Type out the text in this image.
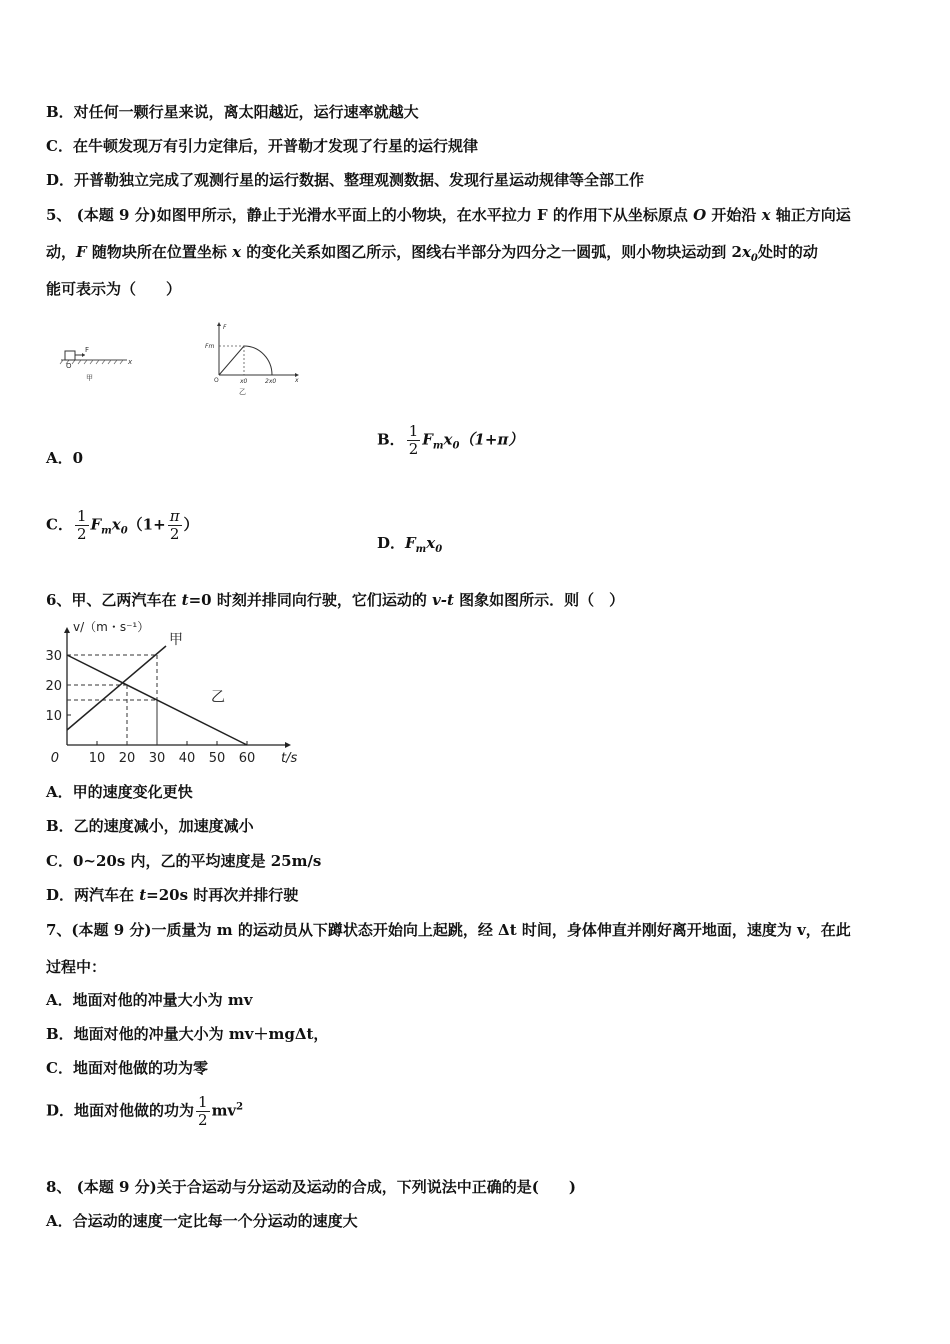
B．对任何一颗行星来说，离太阳越近，运行速率就越大
C．在牛顿发现万有引力定律后，开普勒才发现了行星的运行规律
D．开普勒独立完成了观测行星的运行数据、整理观测数据、发现行星运动规律等全部工作
5、 (本题 9 分)如图甲所示，静止于光滑水平面上的小物块，在水平拉力 F 的作用下从坐标原点 O 开始沿 x 轴正方向运
动，F 随物块所在位置坐标 x 的变化关系如图乙所示，图线右半部分为四分之一圆弧，则小物块运动到 $2x_0$处时的动
能可表示为（　　）
F
O	x
甲
F
Fm
O	x0	2x0	x
乙
A．0
B． $\frac{1}{2} F_mx_0(1+\pi)$
C． $\frac{1}{2} F_mx_0(1+ \frac{\pi}{2}$ ）
D．$F_mx_0$
6、甲、乙两汽车在 t=0 时刻并排同向行驶，它们运动的 v-t 图象如图所示．则（　）
10 20 30 40 50 60
10
20
30
0	t/s
v/（m・s⁻¹）
甲
乙
A．甲的速度变化更快
B．乙的速度减小，加速度减小
C．0~20s 内，乙的平均速度是 25m/s
D．两汽车在 t=20s 时再次并排行驶
7、(本题 9 分)一质量为 m 的运动员从下蹲状态开始向上起跳，经 Δt 时间，身体伸直并刚好离开地面，速度为 v，在此
过程中：
A．地面对他的冲量大小为 mv
B．地面对他的冲量大小为 mv＋mgΔt，
C．地面对他做的功为零
D．地面对他做的功为 $\frac{1}{2} mv^2$
8、 (本题 9 分)关于合运动与分运动及运动的合成，下列说法中正确的是(　　)
A．合运动的速度一定比每一个分运动的速度大
